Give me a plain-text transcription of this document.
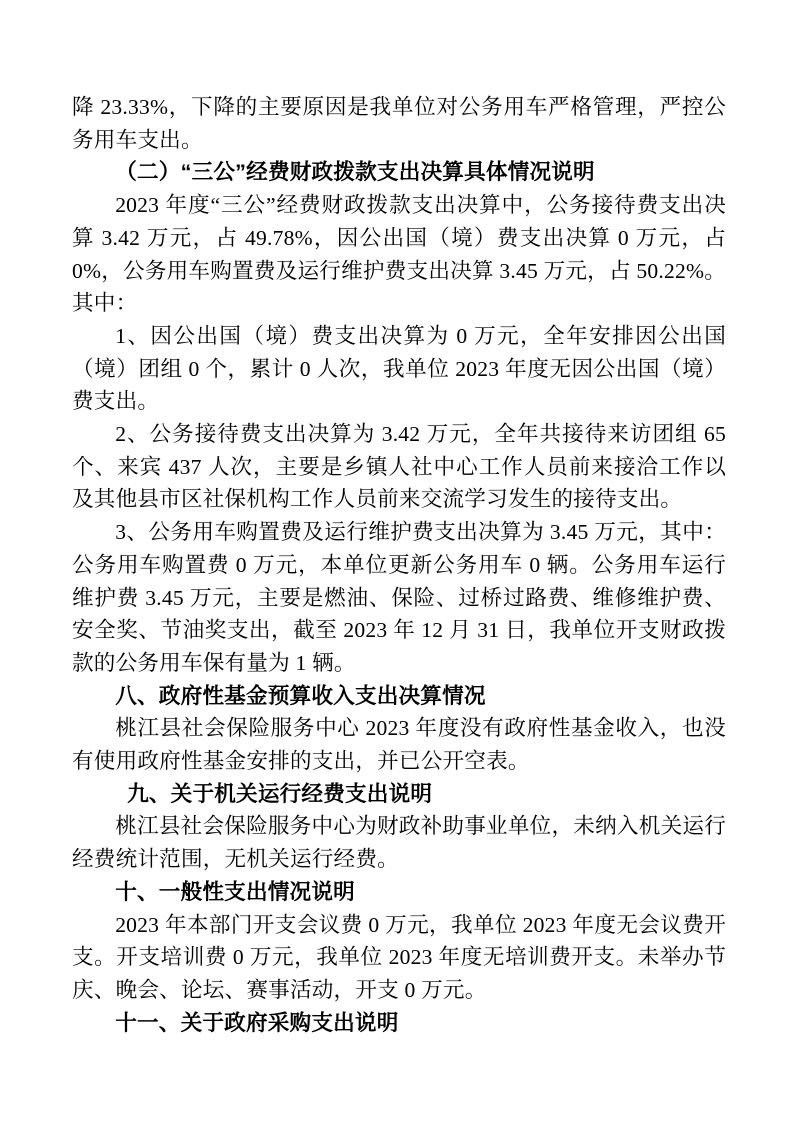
降 23.33%，下降的主要原因是我单位对公务用车严格管理，严控公务用车支出。

（二）“三公”经费财政拨款支出决算具体情况说明

2023 年度“三公”经费财政拨款支出决算中，公务接待费支出决算 3.42 万元，占 49.78%，因公出国（境）费支出决算 0 万元，占 0%，公务用车购置费及运行维护费支出决算 3.45 万元，占 50.22%。其中：

1、因公出国（境）费支出决算为 0 万元，全年安排因公出国（境）团组 0 个，累计 0 人次，我单位 2023 年度无因公出国（境）费支出。

2、公务接待费支出决算为 3.42 万元，全年共接待来访团组 65 个、来宾 437 人次，主要是乡镇人社中心工作人员前来接洽工作以及其他县市区社保机构工作人员前来交流学习发生的接待支出。

3、公务用车购置费及运行维护费支出决算为 3.45 万元，其中：公务用车购置费 0 万元，本单位更新公务用车 0 辆。公务用车运行维护费 3.45 万元，主要是燃油、保险、过桥过路费、维修维护费、安全奖、节油奖支出，截至 2023 年 12 月 31 日，我单位开支财政拨款的公务用车保有量为 1 辆。

八、政府性基金预算收入支出决算情况

桃江县社会保险服务中心 2023 年度没有政府性基金收入，也没有使用政府性基金安排的支出，并已公开空表。

九、关于机关运行经费支出说明

桃江县社会保险服务中心为财政补助事业单位，未纳入机关运行经费统计范围，无机关运行经费。

十、一般性支出情况说明

2023 年本部门开支会议费 0 万元，我单位 2023 年度无会议费开支。开支培训费 0 万元，我单位 2023 年度无培训费开支。未举办节庆、晚会、论坛、赛事活动，开支 0 万元。

十一、关于政府采购支出说明
